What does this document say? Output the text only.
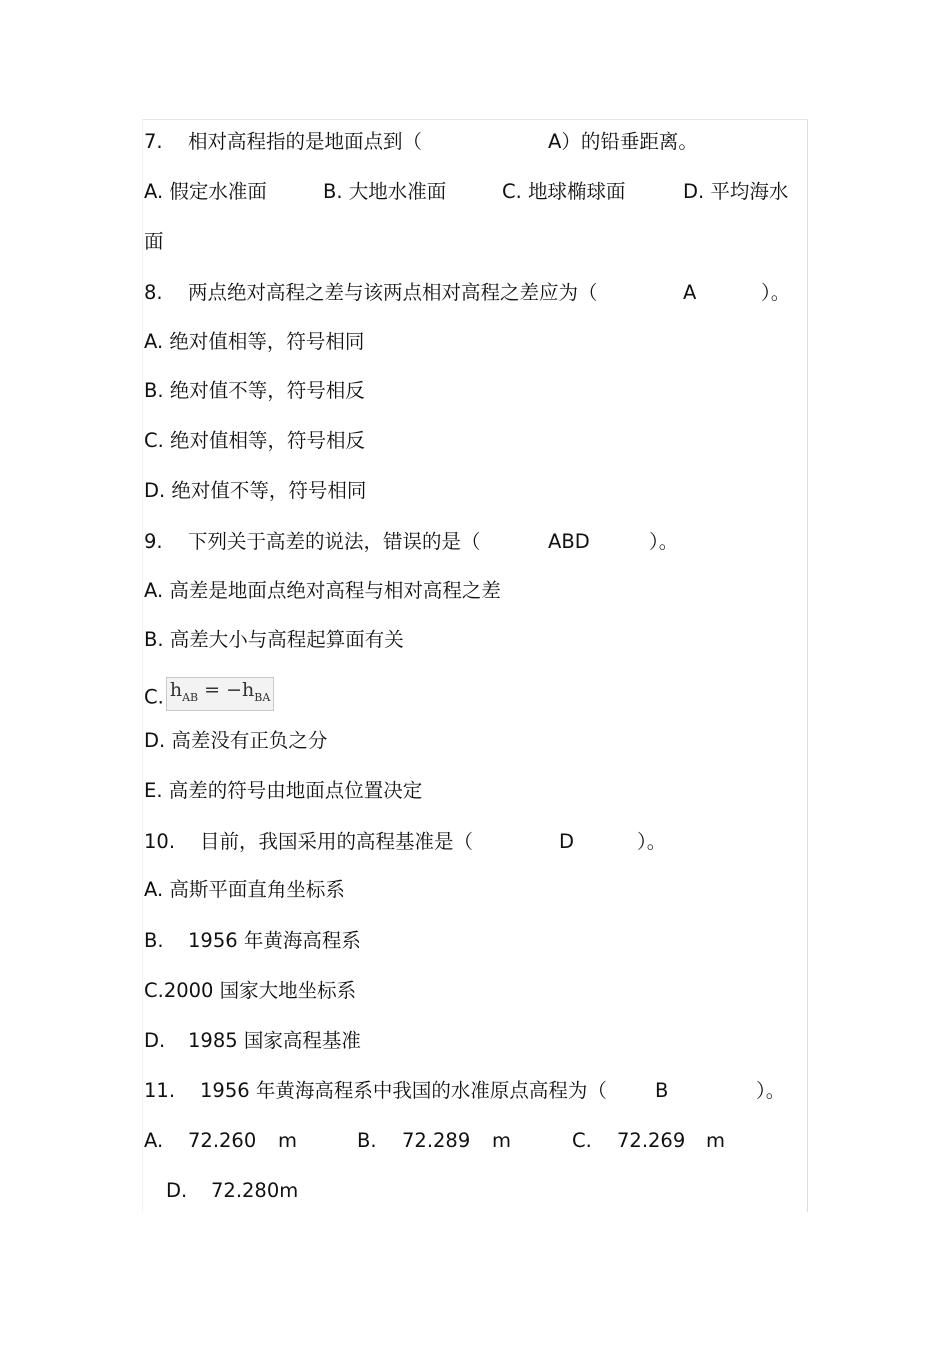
7. 相对高程指的是地面点到（	A）的铅垂距离。
A. 假定水准面	B. 大地水准面	C. 地球椭球面	D. 平均海水
面
8. 两点绝对高程之差与该两点相对高程之差应为（	A	）。
A. 绝对值相等，符号相同
B. 绝对值不等，符号相反
C. 绝对值相等，符号相反
D. 绝对值不等，符号相同
9. 下列关于高差的说法，错误的是（	ABD	）。
A. 高差是地面点绝对高程与相对高程之差
B. 高差大小与高程起算面有关
C. $h_{AB} = -h_{BA}$
D. 高差没有正负之分
E. 高差的符号由地面点位置决定
10. 目前，我国采用的高程基准是（	D	）。
A. 高斯平面直角坐标系
B. 1956 年黄海高程系
C.2000 国家大地坐标系
D. 1985 国家高程基准
11. 1956 年黄海高程系中我国的水准原点高程为（ B	）。
A. 72.260 m	B. 72.289 m	C. 72.269 m
D. 72.280m
